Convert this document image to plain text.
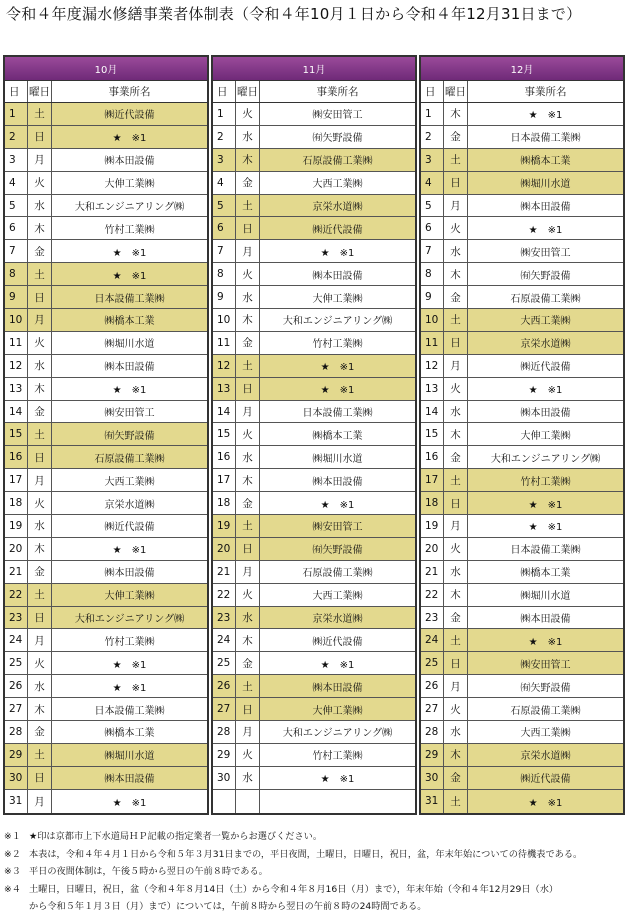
令和４年度漏水修繕事業者体制表（令和４年10月１日から令和４年12月31日まで）
10月
日 曜日	事業所名
1	土	㈱近代設備
2	日	★　※1
3	月	㈱本田設備
4	火	大伸工業㈱
5	水	大和エンジニアリング㈱
6	木	竹村工業㈱
7	金	★　※1
8	土	★　※1
9	日	日本設備工業㈱
10	月	㈱橋本工業
11	火	㈱堀川水道
12	水	㈱本田設備
13	木	★　※1
14	金	㈱安田管工
15	土	㈲矢野設備
16	日	石原設備工業㈱
17	月	大西工業㈱
18	火	京栄水道㈱
19	水	㈱近代設備
20	木	★　※1
21	金	㈱本田設備
22	土	大伸工業㈱
23	日	大和エンジニアリング㈱
24	月	竹村工業㈱
25	火	★　※1
26	水	★　※1
27	木	日本設備工業㈱
28	金	㈱橋本工業
29	土	㈱堀川水道
30	日	㈱本田設備
31	月	★　※1
11月
日 曜日	事業所名
1	火	㈱安田管工
2	水	㈲矢野設備
3	木	石原設備工業㈱
4	金	大西工業㈱
5	土	京栄水道㈱
6	日	㈱近代設備
7	月	★　※1
8	火	㈱本田設備
9	水	大伸工業㈱
10	木	大和エンジニアリング㈱
11	金	竹村工業㈱
12	土	★　※1
13	日	★　※1
14	月	日本設備工業㈱
15	火	㈱橋本工業
16	水	㈱堀川水道
17	木	㈱本田設備
18	金	★　※1
19	土	㈱安田管工
20	日	㈲矢野設備
21	月	石原設備工業㈱
22	火	大西工業㈱
23	水	京栄水道㈱
24	木	㈱近代設備
25	金	★　※1
26	土	㈱本田設備
27	日	大伸工業㈱
28	月	大和エンジニアリング㈱
29	火	竹村工業㈱
30	水	★　※1
12月
日 曜日	事業所名
1	木	★　※1
2	金	日本設備工業㈱
3	土	㈱橋本工業
4	日	㈱堀川水道
5	月	㈱本田設備
6	火	★　※1
7	水	㈱安田管工
8	木	㈲矢野設備
9	金	石原設備工業㈱
10	土	大西工業㈱
11	日	京栄水道㈱
12	月	㈱近代設備
13	火	★　※1
14	水	㈱本田設備
15	木	大伸工業㈱
16	金	大和エンジニアリング㈱
17	土	竹村工業㈱
18	日	★　※1
19	月	★　※1
20	火	日本設備工業㈱
21	水	㈱橋本工業
22	木	㈱堀川水道
23	金	㈱本田設備
24	土	★　※1
25	日	㈱安田管工
26	月	㈲矢野設備
27	火	石原設備工業㈱
28	水	大西工業㈱
29	木	京栄水道㈱
30	金	㈱近代設備
31	土	★　※1
※１ ★印は京都市上下水道局ＨＰ記載の指定業者一覧からお選びください。
※２ 本表は，令和４年４月１日から令和５年３月31日までの，平日夜間，土曜日，日曜日，祝日，盆，年末年始についての待機表である。
※３ 平日の夜間体制は，午後５時から翌日の午前８時である。
※４ 土曜日，日曜日，祝日，盆（令和４年８月14日（土）から令和４年８月16日（月）まで），年末年始（令和４年12月29日（水）
から令和５年１月３日（月）まで）については，午前８時から翌日の午前８時の24時間である。
